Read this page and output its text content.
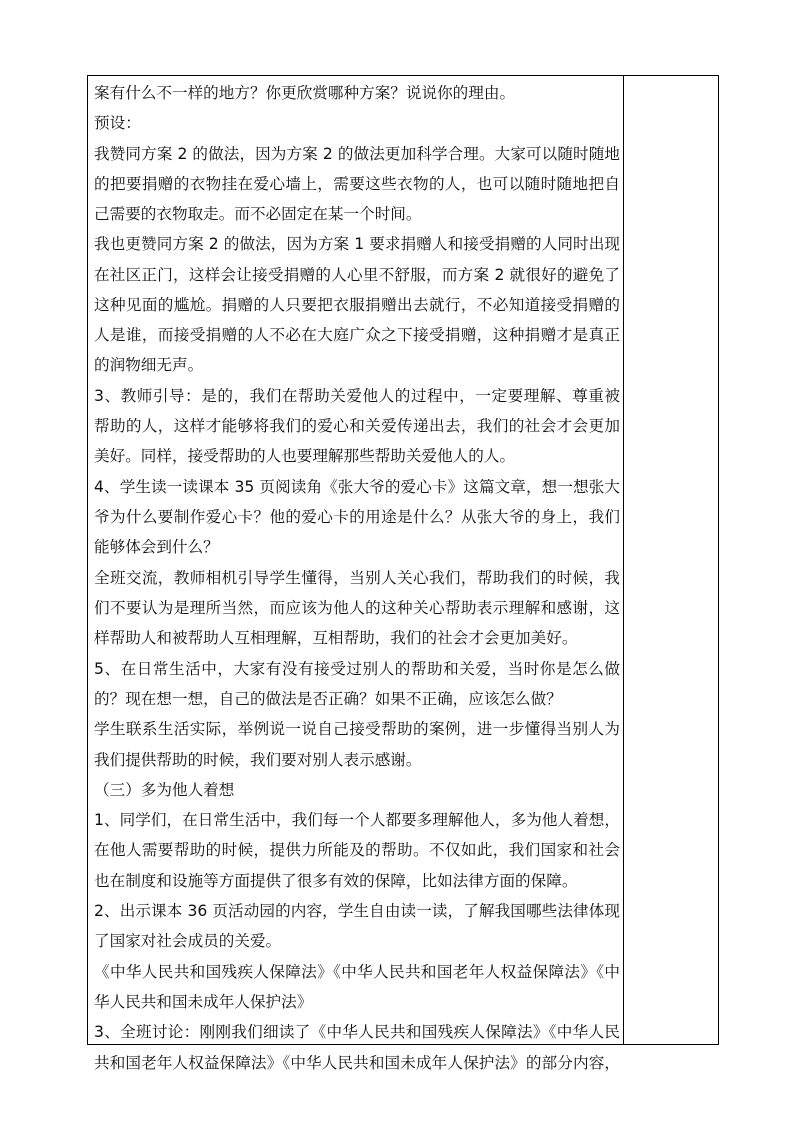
案有什么不一样的地方？你更欣赏哪种方案？说说你的理由。
预设：
我赞同方案 2 的做法，因为方案 2 的做法更加科学合理。大家可以随时随地
的把要捐赠的衣物挂在爱心墙上，需要这些衣物的人，也可以随时随地把自
己需要的衣物取走。而不必固定在某一个时间。
我也更赞同方案 2 的做法，因为方案 1 要求捐赠人和接受捐赠的人同时出现
在社区正门，这样会让接受捐赠的人心里不舒服，而方案 2 就很好的避免了
这种见面的尴尬。捐赠的人只要把衣服捐赠出去就行，不必知道接受捐赠的
人是谁，而接受捐赠的人不必在大庭广众之下接受捐赠，这种捐赠才是真正
的润物细无声。
3、教师引导：是的，我们在帮助关爱他人的过程中，一定要理解、尊重被
帮助的人，这样才能够将我们的爱心和关爱传递出去，我们的社会才会更加
美好。同样，接受帮助的人也要理解那些帮助关爱他人的人。
4、学生读一读课本 35 页阅读角《张大爷的爱心卡》这篇文章，想一想张大
爷为什么要制作爱心卡？他的爱心卡的用途是什么？从张大爷的身上，我们
能够体会到什么？
全班交流，教师相机引导学生懂得，当别人关心我们，帮助我们的时候，我
们不要认为是理所当然，而应该为他人的这种关心帮助表示理解和感谢，这
样帮助人和被帮助人互相理解，互相帮助，我们的社会才会更加美好。
5、在日常生活中，大家有没有接受过别人的帮助和关爱，当时你是怎么做
的？现在想一想，自己的做法是否正确？如果不正确，应该怎么做？
学生联系生活实际，举例说一说自己接受帮助的案例，进一步懂得当别人为
我们提供帮助的时候，我们要对别人表示感谢。
（三）多为他人着想
1、同学们，在日常生活中，我们每一个人都要多理解他人，多为他人着想，
在他人需要帮助的时候，提供力所能及的帮助。不仅如此，我们国家和社会
也在制度和设施等方面提供了很多有效的保障，比如法律方面的保障。
2、出示课本 36 页活动园的内容，学生自由读一读，了解我国哪些法律体现
了国家对社会成员的关爱。
《中华人民共和国残疾人保障法》《中华人民共和国老年人权益保障法》《中
华人民共和国未成年人保护法》
3、全班讨论：刚刚我们细读了《中华人民共和国残疾人保障法》《中华人民
共和国老年人权益保障法》《中华人民共和国未成年人保护法》的部分内容，
